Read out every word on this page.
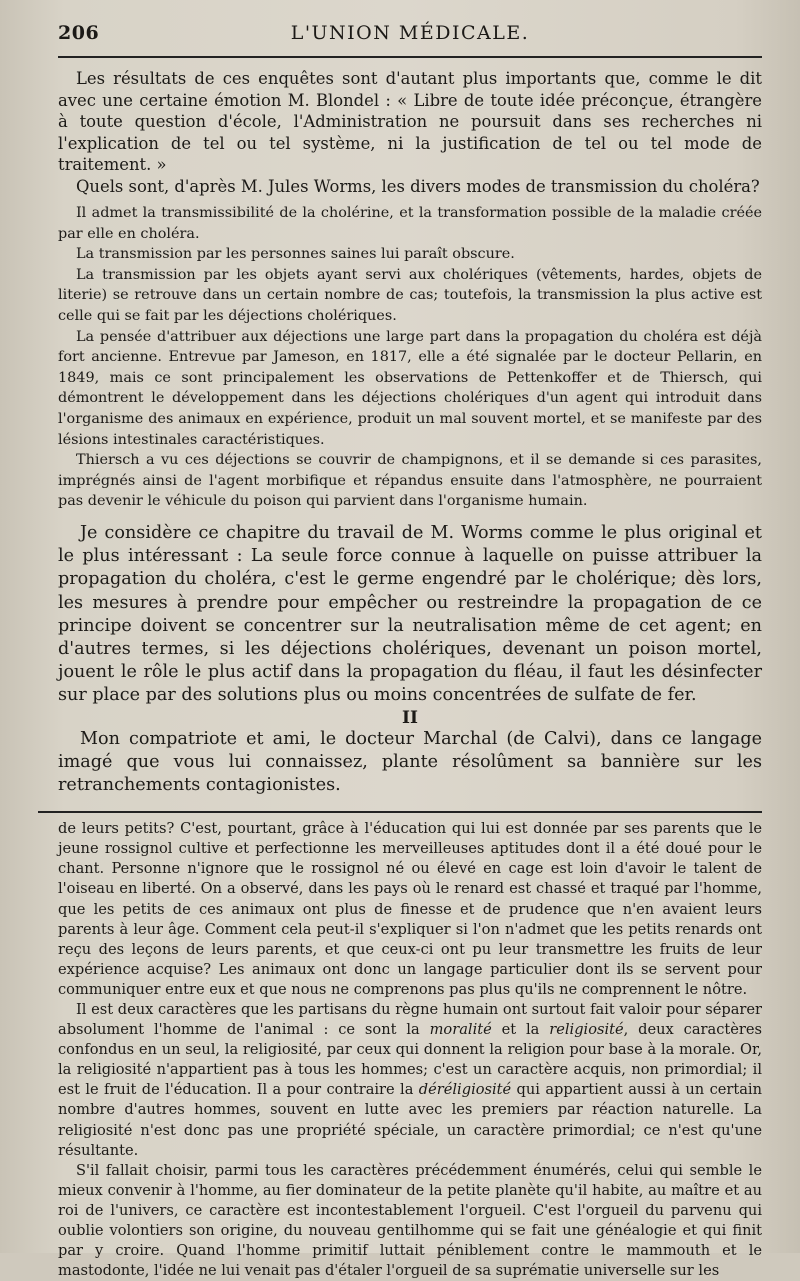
206	L'UNION MÉDICALE.

Les résultats de ces enquêtes sont d'autant plus importants que, comme le dit avec une certaine émotion M. Blondel : « Libre de toute idée préconçue, étrangère à toute question d'école, l'Administration ne poursuit dans ses recherches ni l'explication de tel ou tel système, ni la justification de tel ou tel mode de traitement. »

Quels sont, d'après M. Jules Worms, les divers modes de transmission du choléra?

Il admet la transmissibilité de la cholérine, et la transformation possible de la maladie créée par elle en choléra.

La transmission par les personnes saines lui paraît obscure.

La transmission par les objets ayant servi aux cholériques (vêtements, hardes, objets de literie) se retrouve dans un certain nombre de cas; toutefois, la transmission la plus active est celle qui se fait par les déjections cholériques.

La pensée d'attribuer aux déjections une large part dans la propagation du choléra est déjà fort ancienne. Entrevue par Jameson, en 1817, elle a été signalée par le docteur Pellarin, en 1849, mais ce sont principalement les observations de Pettenkoffer et de Thiersch, qui démontrent le développement dans les déjections cholériques d'un agent qui introduit dans l'organisme des animaux en expérience, produit un mal souvent mortel, et se manifeste par des lésions intestinales caractéristiques.

Thiersch a vu ces déjections se couvrir de champignons, et il se demande si ces parasites, imprégnés ainsi de l'agent morbifique et répandus ensuite dans l'atmosphère, ne pourraient pas devenir le véhicule du poison qui parvient dans l'organisme humain.

Je considère ce chapitre du travail de M. Worms comme le plus original et le plus intéressant : La seule force connue à laquelle on puisse attribuer la propagation du choléra, c'est le germe engendré par le cholérique; dès lors, les mesures à prendre pour empêcher ou restreindre la propagation de ce principe doivent se concentrer sur la neutralisation même de cet agent; en d'autres termes, si les déjections cholériques, devenant un poison mortel, jouent le rôle le plus actif dans la propagation du fléau, il faut les désinfecter sur place par des solutions plus ou moins concentrées de sulfate de fer.

II

Mon compatriote et ami, le docteur Marchal (de Calvi), dans ce langage imagé que vous lui connaissez, plante résolûment sa bannière sur les retranchements contagionistes.

de leurs petits? C'est, pourtant, grâce à l'éducation qui lui est donnée par ses parents que le jeune rossignol cultive et perfectionne les merveilleuses aptitudes dont il a été doué pour le chant. Personne n'ignore que le rossignol né ou élevé en cage est loin d'avoir le talent de l'oiseau en liberté. On a observé, dans les pays où le renard est chassé et traqué par l'homme, que les petits de ces animaux ont plus de finesse et de prudence que n'en avaient leurs parents à leur âge. Comment cela peut-il s'expliquer si l'on n'admet que les petits renards ont reçu des leçons de leurs parents, et que ceux-ci ont pu leur transmettre les fruits de leur expérience acquise? Les animaux ont donc un langage particulier dont ils se servent pour communiquer entre eux et que nous ne comprenons pas plus qu'ils ne comprennent le nôtre.

Il est deux caractères que les partisans du règne humain ont surtout fait valoir pour séparer absolument l'homme de l'animal : ce sont la moralité et la religiosité, deux caractères confondus en un seul, la religiosité, par ceux qui donnent la religion pour base à la morale. Or, la religiosité n'appartient pas à tous les hommes; c'est un caractère acquis, non primordial; il est le fruit de l'éducation. Il a pour contraire la déréligiosité qui appartient aussi à un certain nombre d'autres hommes, souvent en lutte avec les premiers par réaction naturelle. La religiosité n'est donc pas une propriété spéciale, un caractère primordial; ce n'est qu'une résultante.

S'il fallait choisir, parmi tous les caractères précédemment énumérés, celui qui semble le mieux convenir à l'homme, au fier dominateur de la petite planète qu'il habite, au maître et au roi de l'univers, ce caractère est incontestablement l'orgueil. C'est l'orgueil du parvenu qui oublie volontiers son origine, du nouveau gentilhomme qui se fait une généalogie et qui finit par y croire. Quand l'homme primitif luttait péniblement contre le mammouth et le mastodonte, l'idée ne lui venait pas d'étaler l'orgueil de sa suprématie universelle sur les
